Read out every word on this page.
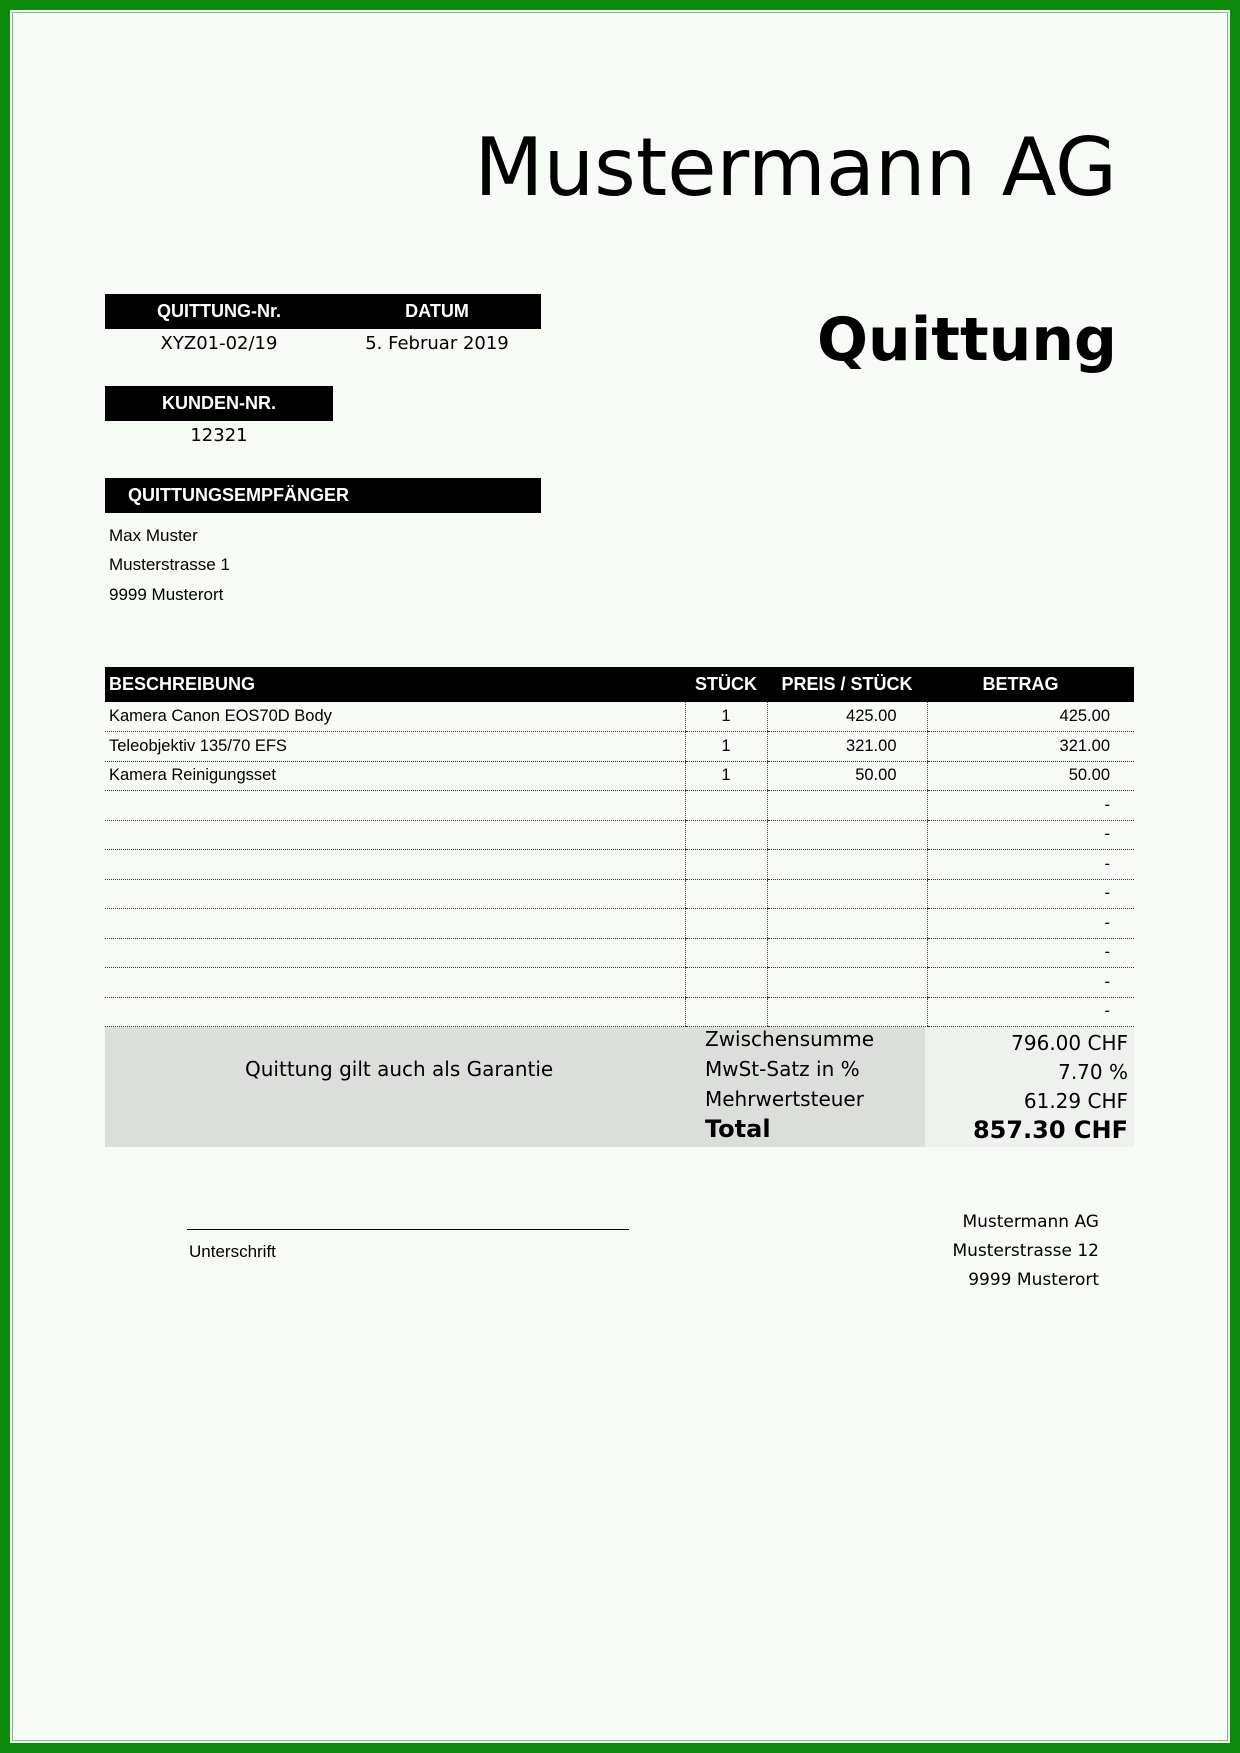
Mustermann AG
Quittung
QUITTUNG-Nr.	DATUM
XYZ01-02/19	5. Februar 2019
KUNDEN-NR.
12321
QUITTUNGSEMPFÄNGER
Max Muster
Musterstrasse 1
9999 Musterort
BESCHREIBUNG	STÜCK	PREIS / STÜCK	BETRAG
Kamera Canon EOS70D Body	1	425.00	425.00
Teleobjektiv 135/70 EFS	1	321.00	321.00
Kamera Reinigungsset	1	50.00	50.00
			-
			-
			-
			-
			-
			-
			-
			-
Quittung gilt auch als Garantie
Zwischensumme	796.00 CHF
MwSt-Satz in %	7.70 %
Mehrwertsteuer	61.29 CHF
Total	857.30 CHF
Unterschrift
Mustermann AG
Musterstrasse 12
9999 Musterort
